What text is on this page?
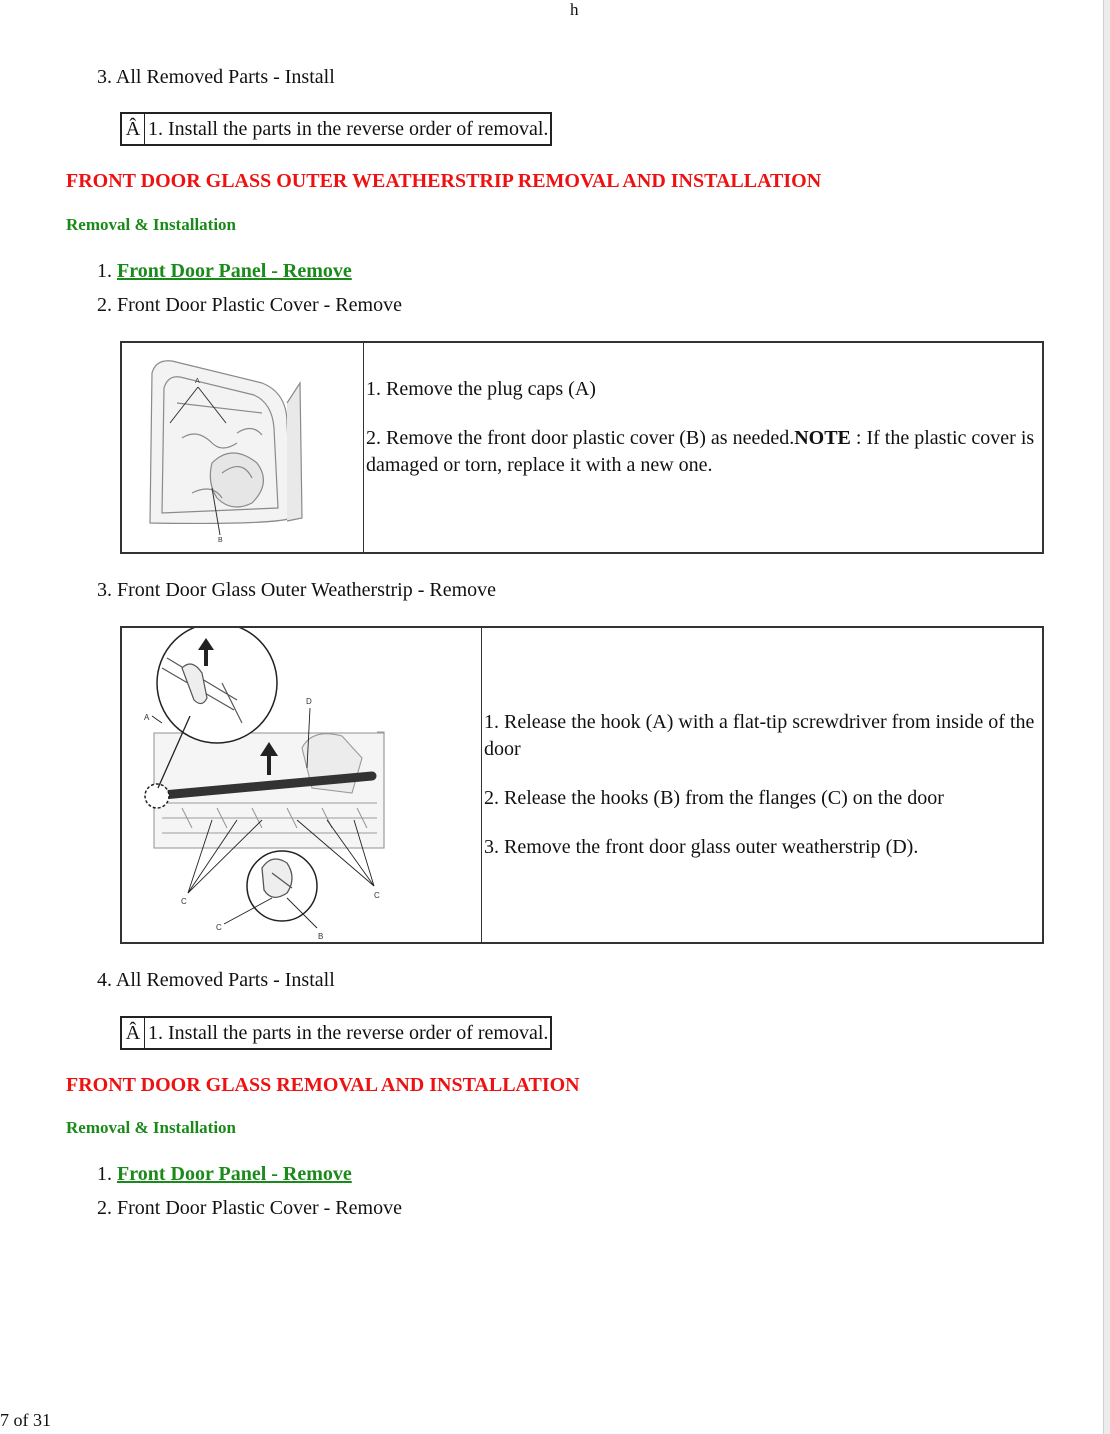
h
3. All Removed Parts - Install
Â 1. Install the parts in the reverse order of removal.
FRONT DOOR GLASS OUTER WEATHERSTRIP REMOVAL AND INSTALLATION
Removal & Installation
1. Front Door Panel - Remove
2. Front Door Plastic Cover - Remove
A
B

1. Remove the plug caps (A)

2. Remove the front door plastic cover (B) as needed.NOTE : If the plastic cover is damaged or torn, replace it with a new one.

3. Front Door Glass Outer Weatherstrip - Remove
A
D
C
C
C
B

1. Release the hook (A) with a flat-tip screwdriver from inside of the door

2. Release the hooks (B) from the flanges (C) on the door

3. Remove the front door glass outer weatherstrip (D).

4. All Removed Parts - Install
Â 1. Install the parts in the reverse order of removal.
FRONT DOOR GLASS REMOVAL AND INSTALLATION
Removal & Installation
1. Front Door Panel - Remove
2. Front Door Plastic Cover - Remove
7 of 31
